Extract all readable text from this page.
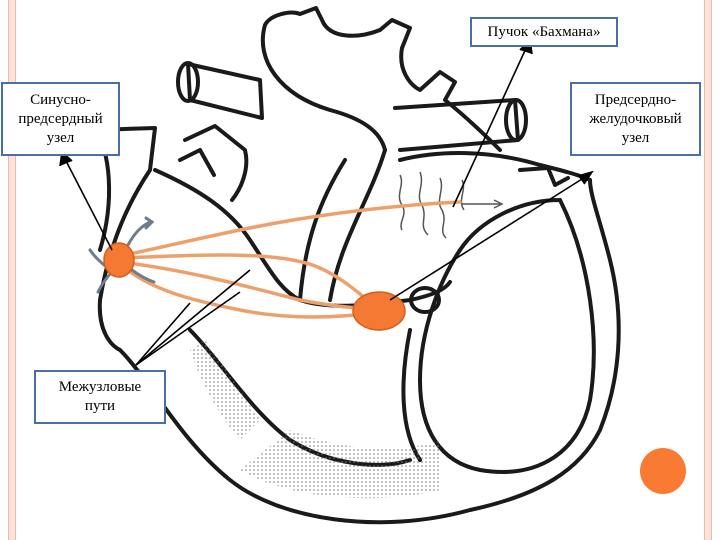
Синусно-
предсердный
узел
Пучок «Бахмана»
Предсердно-
желудочковый
узел
Межузловые
пути
